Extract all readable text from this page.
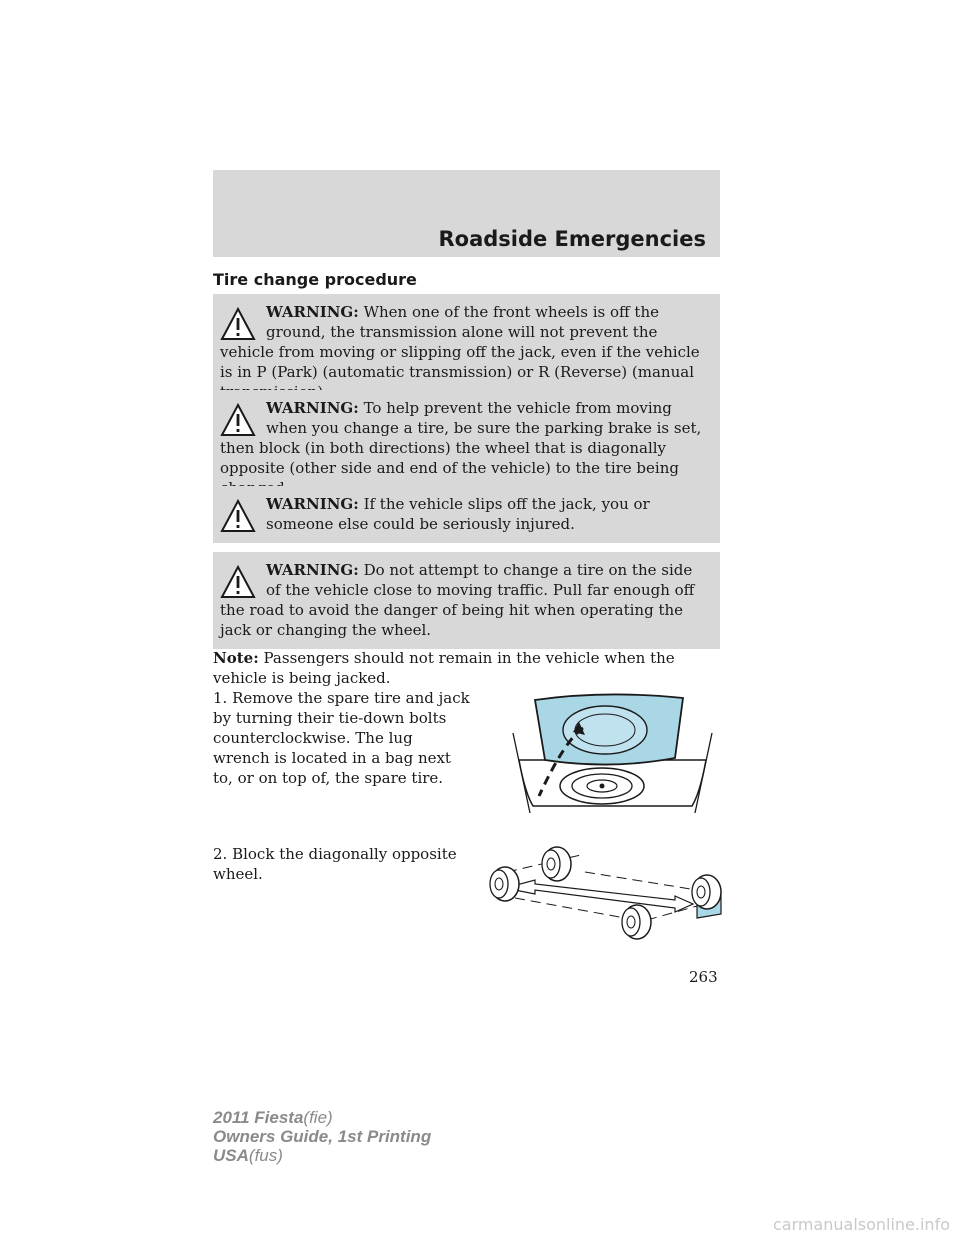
Roadside Emergencies
Tire change procedure
WARNING: When one of the front wheels is off the ground, the transmission alone will not prevent the vehicle from moving or slipping off the jack, even if the vehicle is in P (Park) (automatic transmission) or R (Reverse) (manual
WARNING: To help prevent the vehicle from moving when you change a tire, be sure the parking brake is set, then block (in both directions) the wheel that is diagonally opposite (other side and end of the vehicle) to the tire being
WARNING: If the vehicle slips off the jack, you or someone else could be seriously injured.
WARNING: Do not attempt to change a tire on the side of the vehicle close to moving traffic. Pull far enough off the road to avoid the danger of being hit when operating the jack or changing the wheel.
Note: Passengers should not remain in the vehicle when the vehicle is being jacked.
1. Remove the spare tire and jack by turning their tie-down bolts counterclockwise. The lug wrench is located in a bag next to, or on top of, the spare tire.
2. Block the diagonally opposite wheel.
263
2011 Fiesta(fie)
Owners Guide, 1st Printing
USA(fus)
carmanualsonline.info
